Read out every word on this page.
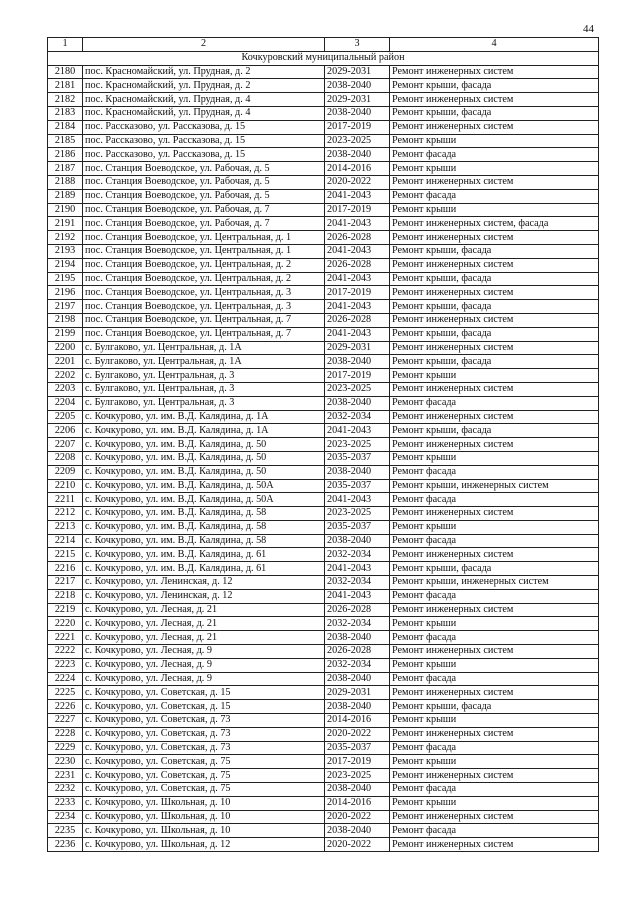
44
1	2	3	4
Кочкуровский муниципальный район			
2180	пос. Красномайский, ул. Прудная, д. 2	2029-2031	Ремонт инженерных систем
2181	пос. Красномайский, ул. Прудная, д. 2	2038-2040	Ремонт крыши, фасада
2182	пос. Красномайский, ул. Прудная, д. 4	2029-2031	Ремонт инженерных систем
2183	пос. Красномайский, ул. Прудная, д. 4	2038-2040	Ремонт крыши, фасада
2184	пос. Рассказово, ул. Рассказова, д. 15	2017-2019	Ремонт инженерных систем
2185	пос. Рассказово, ул. Рассказова, д. 15	2023-2025	Ремонт крыши
2186	пос. Рассказово, ул. Рассказова, д. 15	2038-2040	Ремонт фасада
2187	пос. Станция Воеводское, ул. Рабочая, д. 5	2014-2016	Ремонт крыши
2188	пос. Станция Воеводское, ул. Рабочая, д. 5	2020-2022	Ремонт инженерных систем
2189	пос. Станция Воеводское, ул. Рабочая, д. 5	2041-2043	Ремонт фасада
2190	пос. Станция Воеводское, ул. Рабочая, д. 7	2017-2019	Ремонт крыши
2191	пос. Станция Воеводское, ул. Рабочая, д. 7	2041-2043	Ремонт инженерных систем, фасада
2192	пос. Станция Воеводское, ул. Центральная, д. 1	2026-2028	Ремонт инженерных систем
2193	пос. Станция Воеводское, ул. Центральная, д. 1	2041-2043	Ремонт крыши, фасада
2194	пос. Станция Воеводское, ул. Центральная, д. 2	2026-2028	Ремонт инженерных систем
2195	пос. Станция Воеводское, ул. Центральная, д. 2	2041-2043	Ремонт крыши, фасада
2196	пос. Станция Воеводское, ул. Центральная, д. 3	2017-2019	Ремонт инженерных систем
2197	пос. Станция Воеводское, ул. Центральная, д. 3	2041-2043	Ремонт крыши, фасада
2198	пос. Станция Воеводское, ул. Центральная, д. 7	2026-2028	Ремонт инженерных систем
2199	пос. Станция Воеводское, ул. Центральная, д. 7	2041-2043	Ремонт крыши, фасада
2200	с. Булгаково, ул. Центральная, д. 1А	2029-2031	Ремонт инженерных систем
2201	с. Булгаково, ул. Центральная, д. 1А	2038-2040	Ремонт крыши, фасада
2202	с. Булгаково, ул. Центральная, д. 3	2017-2019	Ремонт крыши
2203	с. Булгаково, ул. Центральная, д. 3	2023-2025	Ремонт инженерных систем
2204	с. Булгаково, ул. Центральная, д. 3	2038-2040	Ремонт фасада
2205	с. Кочкурово, ул. им. В.Д. Калядина, д. 1А	2032-2034	Ремонт инженерных систем
2206	с. Кочкурово, ул. им. В.Д. Калядина, д. 1А	2041-2043	Ремонт крыши, фасада
2207	с. Кочкурово, ул. им. В.Д. Калядина, д. 50	2023-2025	Ремонт инженерных систем
2208	с. Кочкурово, ул. им. В.Д. Калядина, д. 50	2035-2037	Ремонт крыши
2209	с. Кочкурово, ул. им. В.Д. Калядина, д. 50	2038-2040	Ремонт фасада
2210	с. Кочкурово, ул. им. В.Д. Калядина, д. 50А	2035-2037	Ремонт крыши, инженерных систем
2211	с. Кочкурово, ул. им. В.Д. Калядина, д. 50А	2041-2043	Ремонт фасада
2212	с. Кочкурово, ул. им. В.Д. Калядина, д. 58	2023-2025	Ремонт инженерных систем
2213	с. Кочкурово, ул. им. В.Д. Калядина, д. 58	2035-2037	Ремонт крыши
2214	с. Кочкурово, ул. им. В.Д. Калядина, д. 58	2038-2040	Ремонт фасада
2215	с. Кочкурово, ул. им. В.Д. Калядина, д. 61	2032-2034	Ремонт инженерных систем
2216	с. Кочкурово, ул. им. В.Д. Калядина, д. 61	2041-2043	Ремонт крыши, фасада
2217	с. Кочкурово, ул. Ленинская, д. 12	2032-2034	Ремонт крыши, инженерных систем
2218	с. Кочкурово, ул. Ленинская, д. 12	2041-2043	Ремонт фасада
2219	с. Кочкурово, ул. Лесная, д. 21	2026-2028	Ремонт инженерных систем
2220	с. Кочкурово, ул. Лесная, д. 21	2032-2034	Ремонт крыши
2221	с. Кочкурово, ул. Лесная, д. 21	2038-2040	Ремонт фасада
2222	с. Кочкурово, ул. Лесная, д. 9	2026-2028	Ремонт инженерных систем
2223	с. Кочкурово, ул. Лесная, д. 9	2032-2034	Ремонт крыши
2224	с. Кочкурово, ул. Лесная, д. 9	2038-2040	Ремонт фасада
2225	с. Кочкурово, ул. Советская, д. 15	2029-2031	Ремонт инженерных систем
2226	с. Кочкурово, ул. Советская, д. 15	2038-2040	Ремонт крыши, фасада
2227	с. Кочкурово, ул. Советская, д. 73	2014-2016	Ремонт крыши
2228	с. Кочкурово, ул. Советская, д. 73	2020-2022	Ремонт инженерных систем
2229	с. Кочкурово, ул. Советская, д. 73	2035-2037	Ремонт фасада
2230	с. Кочкурово, ул. Советская, д. 75	2017-2019	Ремонт крыши
2231	с. Кочкурово, ул. Советская, д. 75	2023-2025	Ремонт инженерных систем
2232	с. Кочкурово, ул. Советская, д. 75	2038-2040	Ремонт фасада
2233	с. Кочкурово, ул. Школьная, д. 10	2014-2016	Ремонт крыши
2234	с. Кочкурово, ул. Школьная, д. 10	2020-2022	Ремонт инженерных систем
2235	с. Кочкурово, ул. Школьная, д. 10	2038-2040	Ремонт фасада
2236	с. Кочкурово, ул. Школьная, д. 12	2020-2022	Ремонт инженерных систем
